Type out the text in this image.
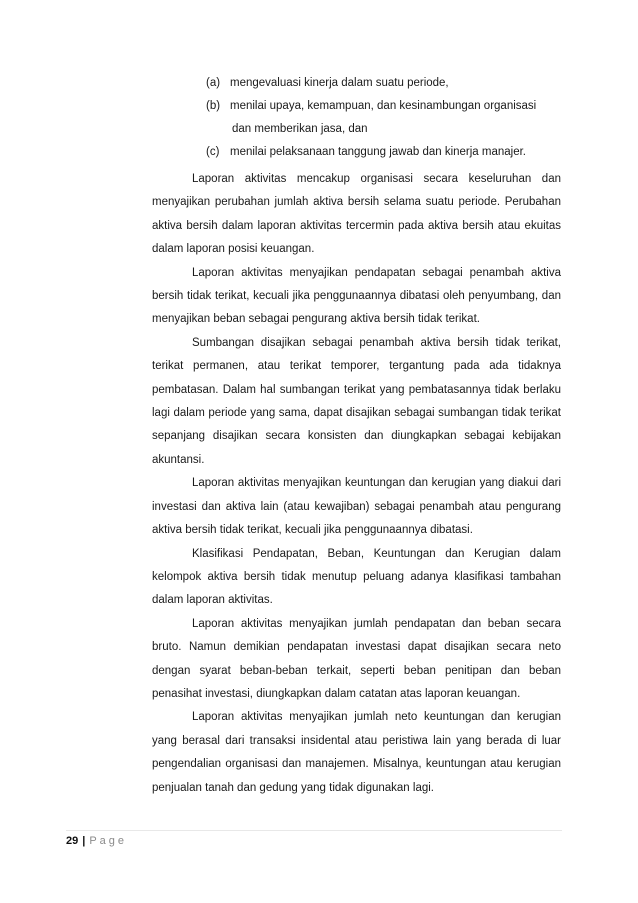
(a) mengevaluasi kinerja dalam suatu periode,
(b) menilai upaya, kemampuan, dan kesinambungan organisasi
dan memberikan jasa, dan
(c) menilai pelaksanaan tanggung jawab dan kinerja manajer.

Laporan aktivitas mencakup organisasi secara keseluruhan dan menyajikan perubahan jumlah aktiva bersih selama suatu periode. Perubahan aktiva bersih dalam laporan aktivitas tercermin pada aktiva bersih atau ekuitas dalam laporan posisi keuangan.

Laporan aktivitas menyajikan pendapatan sebagai penambah aktiva bersih tidak terikat, kecuali jika penggunaannya dibatasi oleh penyumbang, dan menyajikan beban sebagai pengurang aktiva bersih tidak terikat.

Sumbangan disajikan sebagai penambah aktiva bersih tidak terikat, terikat permanen, atau terikat temporer, tergantung pada ada tidaknya pembatasan. Dalam hal sumbangan terikat yang pembatasannya tidak berlaku lagi dalam periode yang sama, dapat disajikan sebagai sumbangan tidak terikat sepanjang disajikan secara konsisten dan diungkapkan sebagai kebijakan akuntansi.

Laporan aktivitas menyajikan keuntungan dan kerugian yang diakui dari investasi dan aktiva lain (atau kewajiban) sebagai penambah atau pengurang aktiva bersih tidak terikat, kecuali jika penggunaannya dibatasi.

Klasifikasi Pendapatan, Beban, Keuntungan dan Kerugian dalam kelompok aktiva bersih tidak menutup peluang adanya klasifikasi tambahan dalam laporan aktivitas.

Laporan aktivitas menyajikan jumlah pendapatan dan beban secara bruto. Namun demikian pendapatan investasi dapat disajikan secara neto dengan syarat beban-beban terkait, seperti beban penitipan dan beban penasihat investasi, diungkapkan dalam catatan atas laporan keuangan.

Laporan aktivitas menyajikan jumlah neto keuntungan dan kerugian yang berasal dari transaksi insidental atau peristiwa lain yang berada di luar pengendalian organisasi dan manajemen. Misalnya, keuntungan atau kerugian penjualan tanah dan gedung yang tidak digunakan lagi.

29 | Page
